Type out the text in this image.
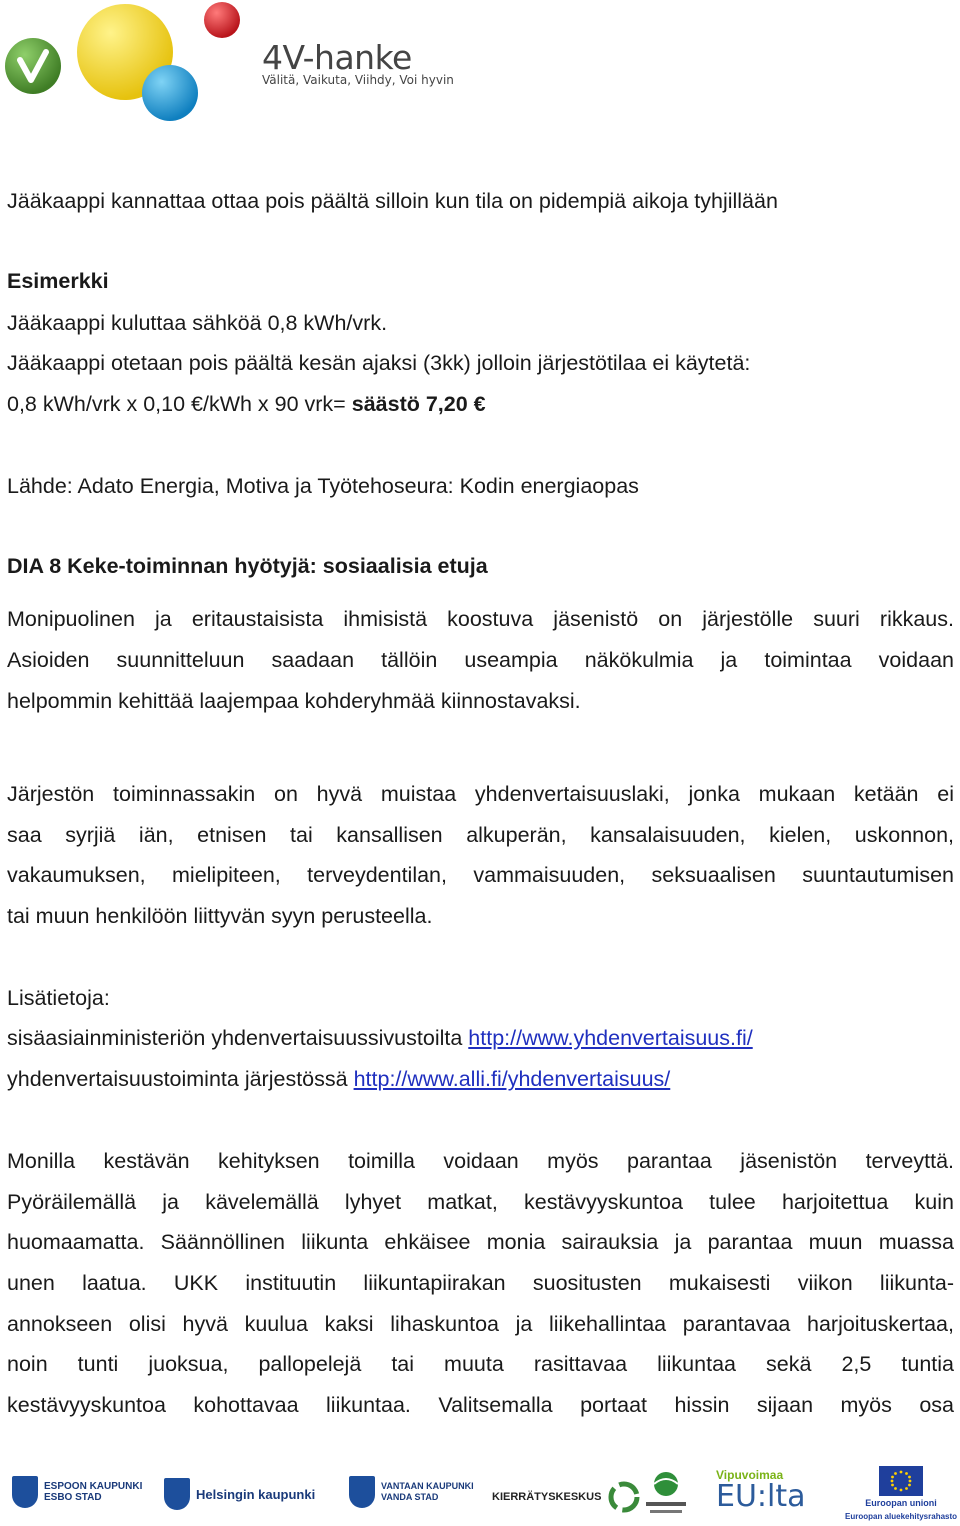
4V-hanke
Välitä, Vaikuta, Viihdy, Voi hyvin
Jääkaappi kannattaa ottaa pois päältä silloin kun tila on pidempiä aikoja tyhjillään
Esimerkki
Jääkaappi kuluttaa sähköä 0,8 kWh/vrk.
Jääkaappi otetaan pois päältä kesän ajaksi (3kk) jolloin järjestötilaa ei käytetä:
0,8 kWh/vrk x 0,10 €/kWh x 90 vrk= säästö 7,20 €
Lähde: Adato Energia, Motiva ja Työtehoseura: Kodin energiaopas
DIA 8 Keke-toiminnan hyötyjä: sosiaalisia etuja
Monipuolinen ja eritaustaisista ihmisistä koostuva jäsenistö on järjestölle suuri rikkaus.
Asioiden suunnitteluun saadaan tällöin useampia näkökulmia ja toimintaa voidaan
helpommin kehittää laajempaa kohderyhmää kiinnostavaksi.
Järjestön toiminnassakin on hyvä muistaa yhdenvertaisuuslaki, jonka mukaan ketään ei
saa syrjiä iän, etnisen tai kansallisen alkuperän, kansalaisuuden, kielen, uskonnon,
vakaumuksen, mielipiteen, terveydentilan, vammaisuuden, seksuaalisen suuntautumisen
tai muun henkilöön liittyvän syyn perusteella.
Lisätietoja:
sisäasiainministeriön yhdenvertaisuussivustoilta http://www.yhdenvertaisuus.fi/
yhdenvertaisuustoiminta järjestössä http://www.alli.fi/yhdenvertaisuus/
Monilla kestävän kehityksen toimilla voidaan myös parantaa jäsenistön terveyttä.
Pyöräilemällä ja kävelemällä lyhyet matkat, kestävyyskuntoa tulee harjoitettua kuin
huomaamatta. Säännöllinen liikunta ehkäisee monia sairauksia ja parantaa muun muassa
unen laatua. UKK instituutin liikuntapiirakan suositusten mukaisesti viikon liikunta-
annokseen olisi hyvä kuulua kaksi lihaskuntoa ja liikehallintaa parantavaa harjoituskertaa,
noin tunti juoksua, pallopelejä tai muuta rasittavaa liikuntaa sekä 2,5 tuntia
kestävyyskuntoa kohottavaa liikuntaa. Valitsemalla portaat hissin sijaan myös osa
ESPOON KAUPUNKI
ESBO STAD	Helsingin kaupunki
VANTAAN KAUPUNKI
VANDA STAD	KIERRÄTYSKESKUS
Vipuvoimaa
EU:lta	Euroopan unioni
Euroopan aluekehitysrahasto
